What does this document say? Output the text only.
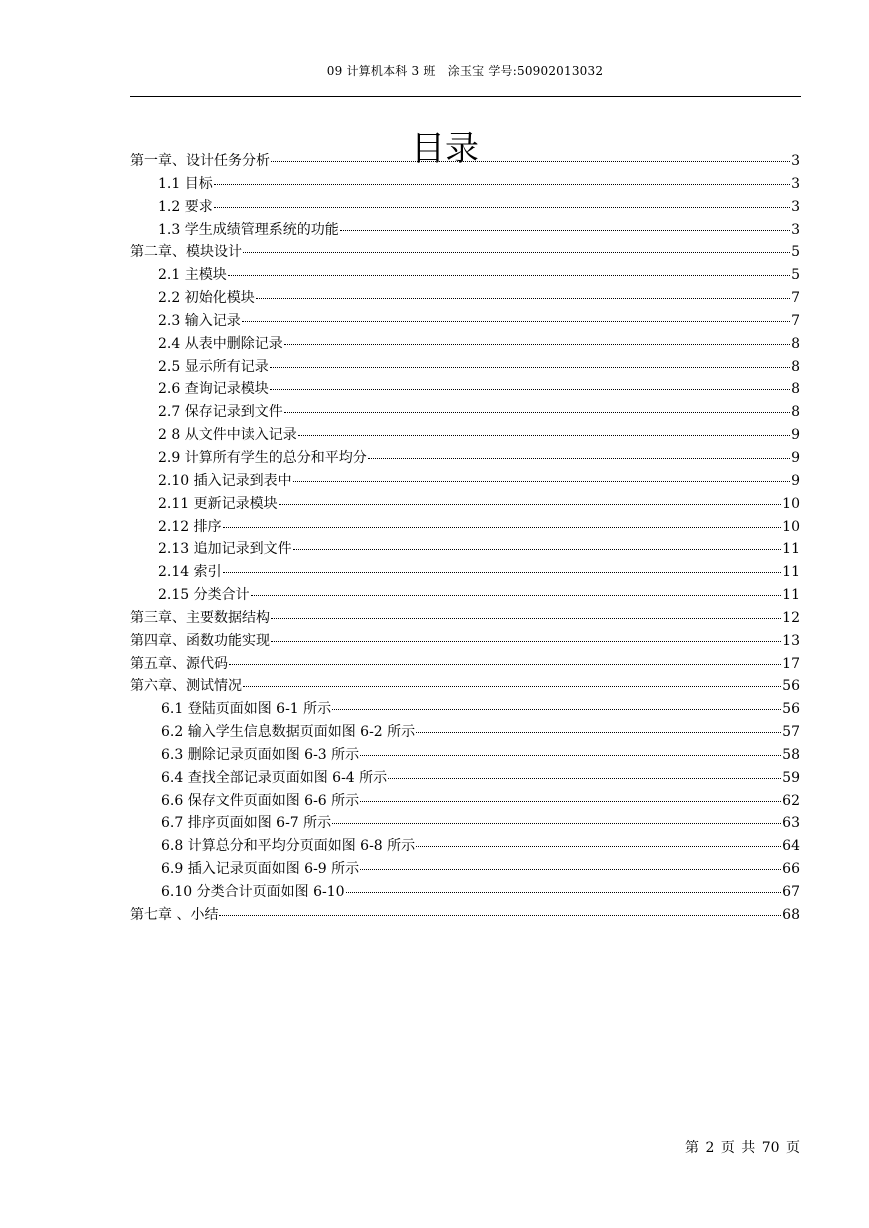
09 计算机本科 3 班　涂玉宝 学号:50902013032
目录
第一章、设计任务分析	3
1.1 目标	3
1.2 要求	3
1.3 学生成绩管理系统的功能	3
第二章、模块设计	5
2.1 主模块	5
2.2 初始化模块	7
2.3 输入记录	7
2.4 从表中删除记录	8
2.5 显示所有记录	8
2.6 查询记录模块	8
2.7 保存记录到文件	8
2 8 从文件中读入记录	9
2.9 计算所有学生的总分和平均分	9
2.10 插入记录到表中	9
2.11 更新记录模块	10
2.12 排序	10
2.13 追加记录到文件	11
2.14 索引	11
2.15 分类合计	11
第三章、主要数据结构	12
第四章、函数功能实现	13
第五章、源代码	17
第六章、测试情况	56
6.1 登陆页面如图 6-1 所示	56
6.2 输入学生信息数据页面如图 6-2 所示	57
6.3 删除记录页面如图 6-3 所示	58
6.4 查找全部记录页面如图 6-4 所示	59
6.6 保存文件页面如图 6-6 所示	62
6.7 排序页面如图 6-7 所示	63
6.8 计算总分和平均分页面如图 6-8 所示	64
6.9 插入记录页面如图 6-9 所示	66
6.10 分类合计页面如图 6-10	67
第七章 、小结	68
第 2 页 共 70 页
